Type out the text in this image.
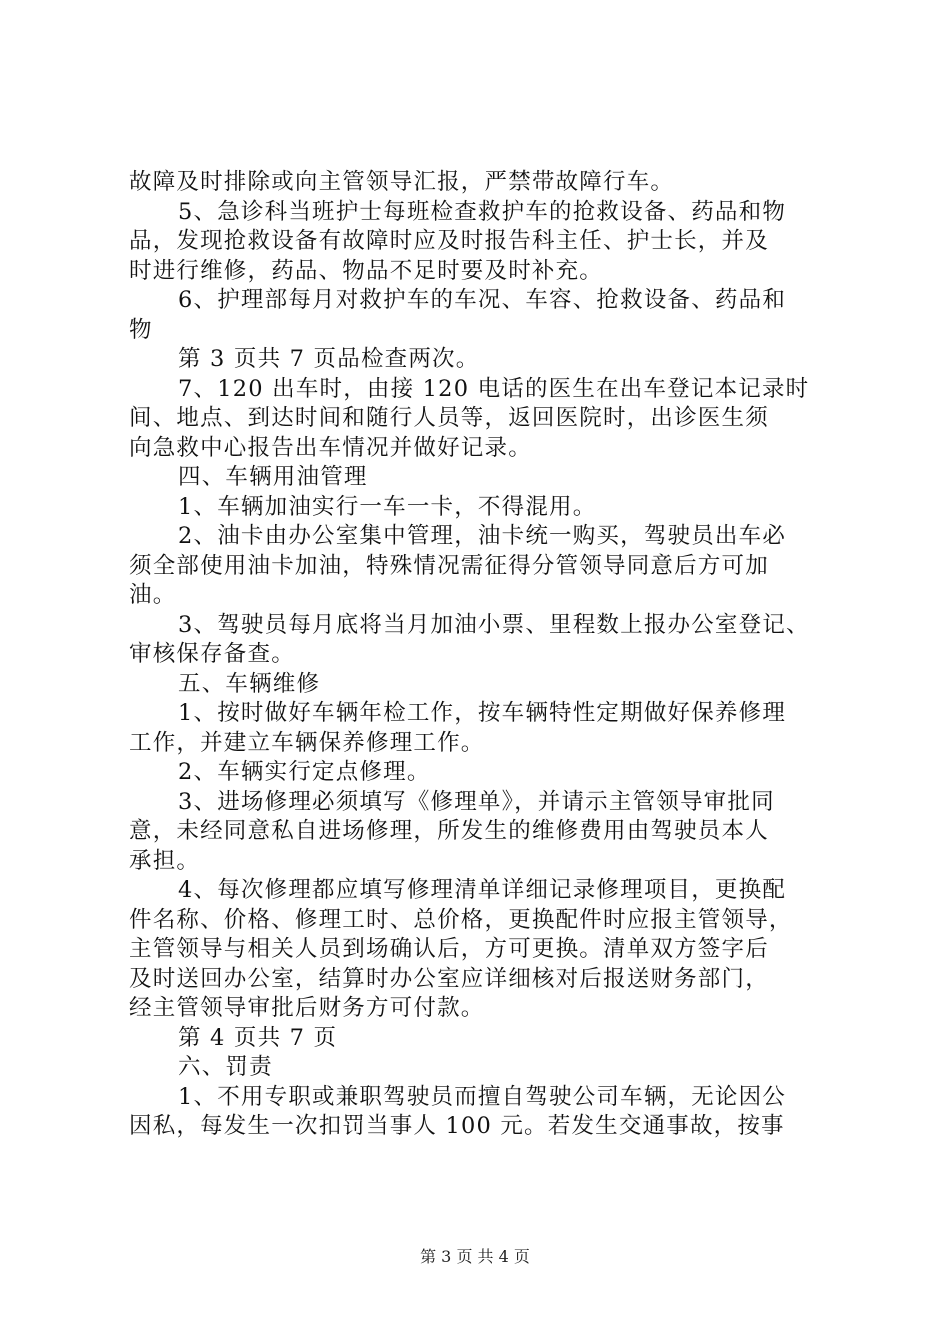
故障及时排除或向主管领导汇报，严禁带故障行车。
5、急诊科当班护士每班检查救护车的抢救设备、药品和物
品，发现抢救设备有故障时应及时报告科主任、护士长，并及
时进行维修，药品、物品不足时要及时补充。
6、护理部每月对救护车的车况、车容、抢救设备、药品和
物
第 3 页共 7 页品检查两次。
7、120 出车时，由接 120 电话的医生在出车登记本记录时
间、地点、到达时间和随行人员等，返回医院时，出诊医生须
向急救中心报告出车情况并做好记录。
四、车辆用油管理
1、车辆加油实行一车一卡，不得混用。
2、油卡由办公室集中管理，油卡统一购买，驾驶员出车必
须全部使用油卡加油，特殊情况需征得分管领导同意后方可加
油。
3、驾驶员每月底将当月加油小票、里程数上报办公室登记、
审核保存备查。
五、车辆维修
1、按时做好车辆年检工作，按车辆特性定期做好保养修理
工作，并建立车辆保养修理工作。
2、车辆实行定点修理。
3、进场修理必须填写《修理单》，并请示主管领导审批同
意，未经同意私自进场修理，所发生的维修费用由驾驶员本人
承担。
4、每次修理都应填写修理清单详细记录修理项目，更换配
件名称、价格、修理工时、总价格，更换配件时应报主管领导，
主管领导与相关人员到场确认后，方可更换。清单双方签字后
及时送回办公室，结算时办公室应详细核对后报送财务部门，
经主管领导审批后财务方可付款。
第 4 页共 7 页
六、罚责
1、不用专职或兼职驾驶员而擅自驾驶公司车辆，无论因公
因私，每发生一次扣罚当事人 100 元。若发生交通事故，按事
第 3 页 共 4 页
